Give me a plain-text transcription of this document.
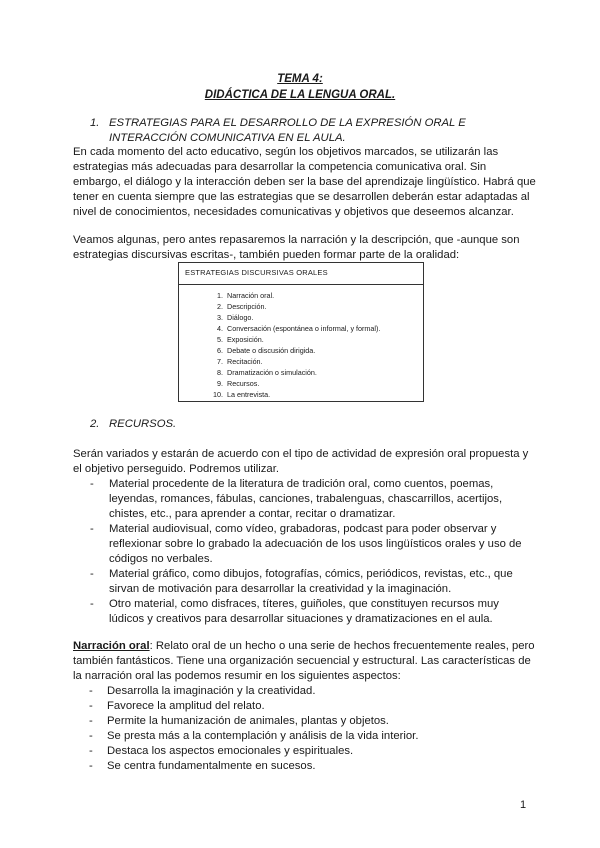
TEMA 4:
DIDÁCTICA DE LA LENGUA ORAL.
1. ESTRATEGIAS PARA EL DESARROLLO DE LA EXPRESIÓN ORAL E
INTERACCIÓN COMUNICATIVA EN EL AULA.
En cada momento del acto educativo, según los objetivos marcados, se utilizarán las
estrategias más adecuadas para desarrollar la competencia comunicativa oral. Sin
embargo, el diálogo y la interacción deben ser la base del aprendizaje lingüístico. Habrá que
tener en cuenta siempre que las estrategias que se desarrollen deberán estar adaptadas al
nivel de conocimientos, necesidades comunicativas y objetivos que deseemos alcanzar.
Veamos algunas, pero antes repasaremos la narración y la descripción, que -aunque son
estrategias discursivas escritas-, también pueden formar parte de la oralidad:
ESTRATEGIAS DISCURSIVAS ORALES
1. Narración oral.
2. Descripción.
3. Diálogo.
4. Conversación (espontánea o informal, y formal).
5. Exposición.
6. Debate o discusión dirigida.
7. Recitación.
8. Dramatización o simulación.
9. Recursos.
10. La entrevista.
2. RECURSOS.
Serán variados y estarán de acuerdo con el tipo de actividad de expresión oral propuesta y
el objetivo perseguido. Podremos utilizar.
- Material procedente de la literatura de tradición oral, como cuentos, poemas,
leyendas, romances, fábulas, canciones, trabalenguas, chascarrillos, acertijos,
chistes, etc., para aprender a contar, recitar o dramatizar.
- Material audiovisual, como vídeo, grabadoras, podcast para poder observar y
reflexionar sobre lo grabado la adecuación de los usos lingüísticos orales y uso de
códigos no verbales.
- Material gráfico, como dibujos, fotografías, cómics, periódicos, revistas, etc., que
sirvan de motivación para desarrollar la creatividad y la imaginación.
- Otro material, como disfraces, títeres, guiñoles, que constituyen recursos muy
lúdicos y creativos para desarrollar situaciones y dramatizaciones en el aula.
Narración oral: Relato oral de un hecho o una serie de hechos frecuentemente reales, pero
también fantásticos. Tiene una organización secuencial y estructural. Las características de
la narración oral las podemos resumir en los siguientes aspectos:
- Desarrolla la imaginación y la creatividad.
- Favorece la amplitud del relato.
- Permite la humanización de animales, plantas y objetos.
- Se presta más a la contemplación y análisis de la vida interior.
- Destaca los aspectos emocionales y espirituales.
- Se centra fundamentalmente en sucesos.
1
